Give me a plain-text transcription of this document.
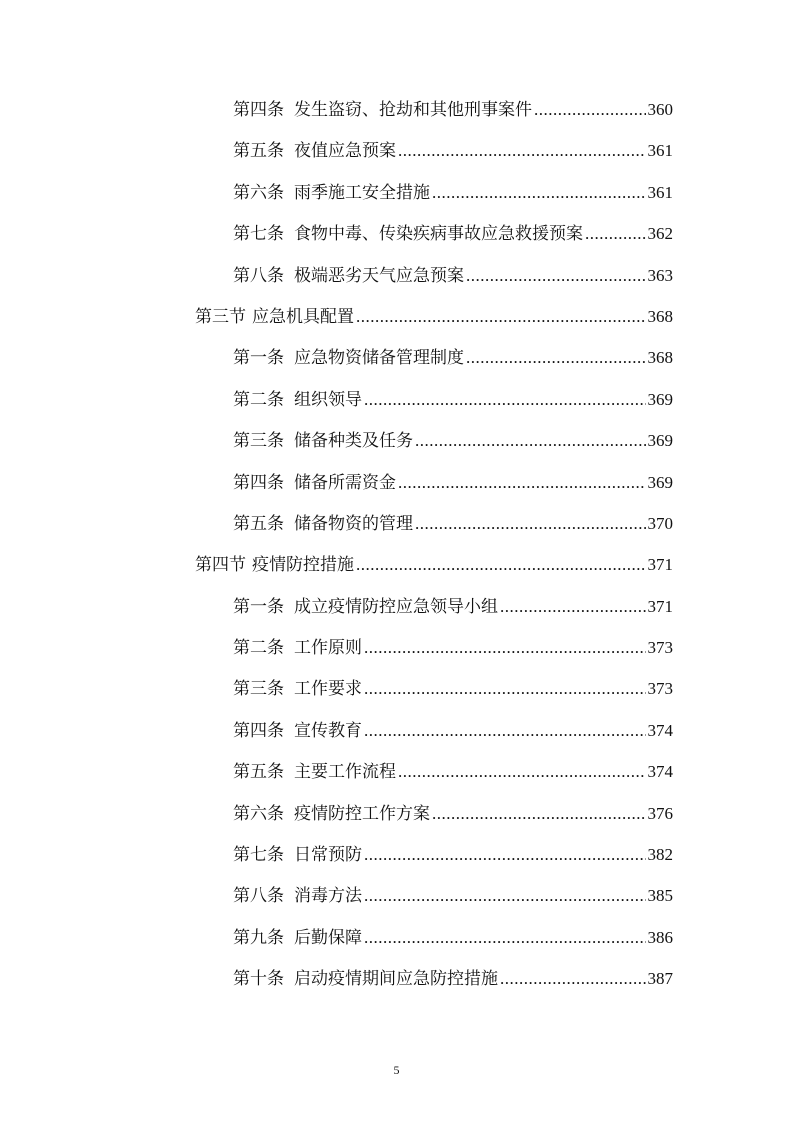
第四条 发生盗窃、抢劫和其他刑事案件 .....	360
第五条 夜值应急预案 .....	361
第六条 雨季施工安全措施 .....	361
第七条 食物中毒、传染疾病事故应急救援预案 .....	362
第八条 极端恶劣天气应急预案 .....	363
第三节 应急机具配置 .....	368
第一条 应急物资储备管理制度 .....	368
第二条 组织领导 .....	369
第三条 储备种类及任务 .....	369
第四条 储备所需资金 .....	369
第五条 储备物资的管理 .....	370
第四节 疫情防控措施 .....	371
第一条 成立疫情防控应急领导小组 .....	371
第二条 工作原则 .....	373
第三条 工作要求 .....	373
第四条 宣传教育 .....	374
第五条 主要工作流程 .....	374
第六条 疫情防控工作方案 .....	376
第七条 日常预防 .....	382
第八条 消毒方法 .....	385
第九条 后勤保障 .....	386
第十条 启动疫情期间应急防控措施 .....	387
5
